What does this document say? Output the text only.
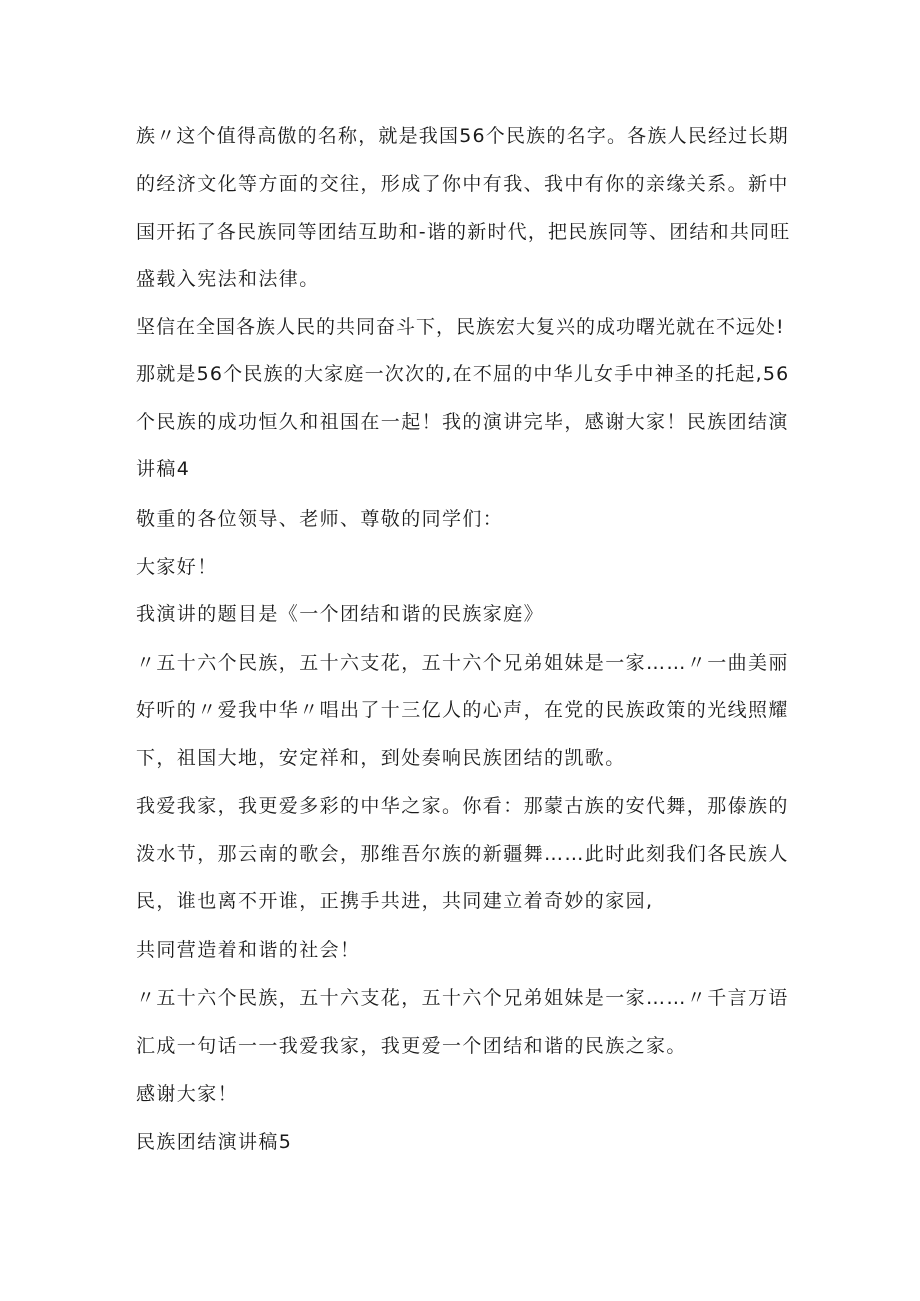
族〃这个值得高傲的名称，就是我国56个民族的名字。各族人民经过长期
的经济文化等方面的交往，形成了你中有我、我中有你的亲缘关系。新中
国开拓了各民族同等团结互助和-谐的新时代，把民族同等、团结和共同旺
盛载入宪法和法律。
坚信在全国各族人民的共同奋斗下，民族宏大复兴的成功曙光就在不远处!
那就是56个民族的大家庭一次次的,在不屈的中华儿女手中神圣的托起,56
个民族的成功恒久和祖国在一起！我的演讲完毕，感谢大家！民族团结演
讲稿4
敬重的各位领导、老师、尊敬的同学们：
大家好！
我演讲的题目是《一个团结和谐的民族家庭》
〃五十六个民族，五十六支花，五十六个兄弟姐妹是一家……〃一曲美丽
好听的〃爱我中华〃唱出了十三亿人的心声，在党的民族政策的光线照耀
下，祖国大地，安定祥和，到处奏响民族团结的凯歌。
我爱我家，我更爱多彩的中华之家。你看：那蒙古族的安代舞，那傣族的
泼水节，那云南的歌会，那维吾尔族的新疆舞……此时此刻我们各民族人
民，谁也离不开谁，正携手共进，共同建立着奇妙的家园,
共同营造着和谐的社会！
〃五十六个民族，五十六支花，五十六个兄弟姐妹是一家……〃千言万语
汇成一句话一一我爱我家，我更爱一个团结和谐的民族之家。
感谢大家！
民族团结演讲稿5
